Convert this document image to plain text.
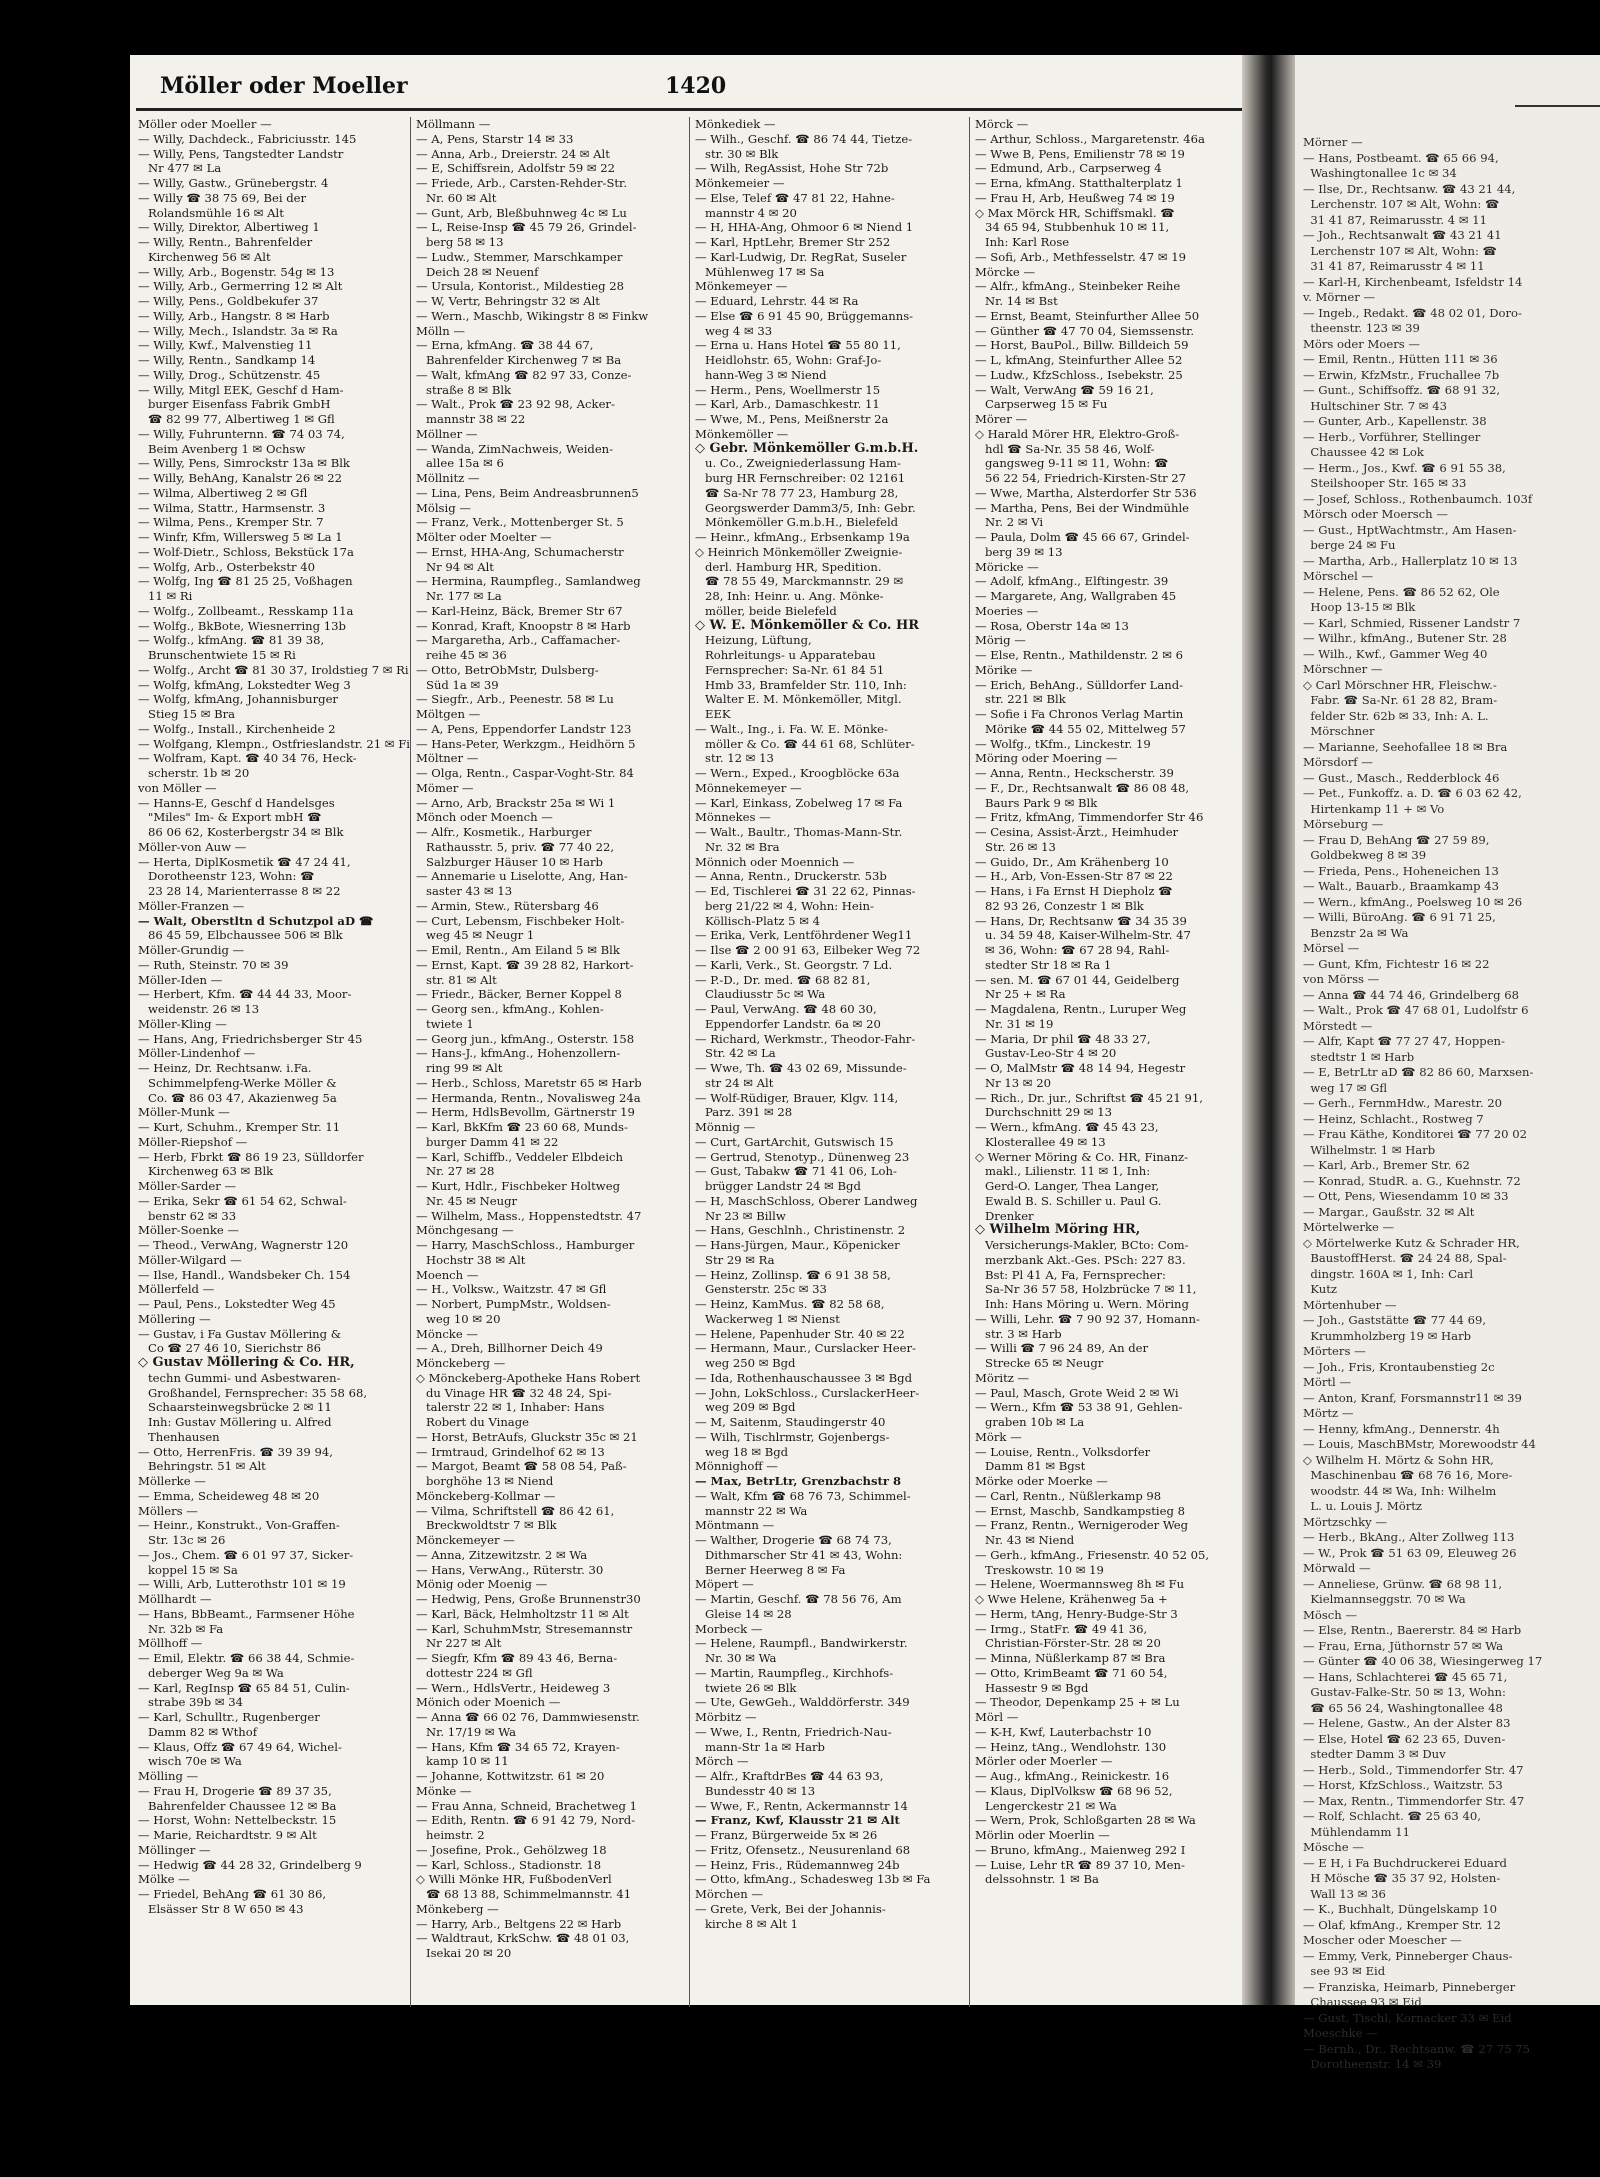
Möller oder Moeller	1420
Möller oder Moeller —
— Willy, Dachdeck., Fabriciusstr. 145
— Willy, Pens, Tangstedter Landstr
Nr 477 ✉ La
— Willy, Gastw., Grünebergstr. 4
— Willy ☎ 38 75 69, Bei der
Rolandsmühle 16 ✉ Alt
— Willy, Direktor, Albertiweg 1
— Willy, Rentn., Bahrenfelder
Kirchenweg 56 ✉ Alt
— Willy, Arb., Bogenstr. 54g ✉ 13
— Willy, Arb., Germerring 12 ✉ Alt
— Willy, Pens., Goldbekufer 37
— Willy, Arb., Hangstr. 8 ✉ Harb
— Willy, Mech., Islandstr. 3a ✉ Ra
— Willy, Kwf., Malvenstieg 11
— Willy, Rentn., Sandkamp 14
— Willy, Drog., Schützenstr. 45
— Willy, Mitgl EEK, Geschf d Ham-
burger Eisenfass Fabrik GmbH
☎ 82 99 77, Albertiweg 1 ✉ Gfl
— Willy, Fuhrunternn. ☎ 74 03 74,
Beim Avenberg 1 ✉ Ochsw
— Willy, Pens, Simrockstr 13a ✉ Blk
— Willy, BehAng, Kanalstr 26 ✉ 22
— Wilma, Albertiweg 2 ✉ Gfl
— Wilma, Stattr., Harmsenstr. 3
— Wilma, Pens., Kremper Str. 7
— Winfr, Kfm, Willersweg 5 ✉ La 1
— Wolf-Dietr., Schloss, Bekstück 17a
— Wolfg, Arb., Osterbekstr 40
— Wolfg, Ing ☎ 81 25 25, Voßhagen
11 ✉ Ri
— Wolfg., Zollbeamt., Resskamp 11a
— Wolfg., BkBote, Wiesnerring 13b
— Wolfg., kfmAng. ☎ 81 39 38,
Brunschentwiete 15 ✉ Ri
— Wolfg., Archt ☎ 81 30 37, Iroldstieg 7 ✉ Ri
— Wolfg, kfmAng, Lokstedter Weg 3
— Wolfg, kfmAng, Johannisburger
Stieg 15 ✉ Bra
— Wolfg., Install., Kirchenheide 2
— Wolfgang, Klempn., Ostfrieslandstr. 21 ✉ Fi
— Wolfram, Kapt. ☎ 40 34 76, Heck-
scherstr. 1b ✉ 20
von Möller —
— Hanns-E, Geschf d Handelsges
"Miles" Im- & Export mbH ☎
86 06 62, Kosterbergstr 34 ✉ Blk
Möller-von Auw —
— Herta, DiplKosmetik ☎ 47 24 41,
Dorotheenstr 123, Wohn: ☎
23 28 14, Marienterrasse 8 ✉ 22
Möller-Franzen —
— Walt, Oberstltn d Schutzpol aD ☎
86 45 59, Elbchaussee 506 ✉ Blk
Möller-Grundig —
— Ruth, Steinstr. 70 ✉ 39
Möller-Iden —
— Herbert, Kfm. ☎ 44 44 33, Moor-
weidenstr. 26 ✉ 13
Möller-Kling —
— Hans, Ang, Friedrichsberger Str 45
Möller-Lindenhof —
— Heinz, Dr. Rechtsanw. i.Fa.
Schimmelpfeng-Werke Möller &
Co. ☎ 86 03 47, Akazienweg 5a
Möller-Munk —
— Kurt, Schuhm., Kremper Str. 11
Möller-Riepshof —
— Herb, Fbrkt ☎ 86 19 23, Sülldorfer
Kirchenweg 63 ✉ Blk
Möller-Sarder —
— Erika, Sekr ☎ 61 54 62, Schwal-
benstr 62 ✉ 33
Möller-Soenke —
— Theod., VerwAng, Wagnerstr 120
Möller-Wilgard —
— Ilse, Handl., Wandsbeker Ch. 154
Möllerfeld —
— Paul, Pens., Lokstedter Weg 45
Möllering —
— Gustav, i Fa Gustav Möllering &
Co ☎ 27 46 10, Sierichstr 86
◇ Gustav Möllering & Co. HR,
techn Gummi- und Asbestwaren-
Großhandel, Fernsprecher: 35 58 68,
Schaarsteinwegsbrücke 2 ✉ 11
Inh: Gustav Möllering u. Alfred
Thenhausen
— Otto, HerrenFris. ☎ 39 39 94,
Behringstr. 51 ✉ Alt
Möllerke —
— Emma, Scheideweg 48 ✉ 20
Möllers —
— Heinr., Konstrukt., Von-Graffen-
Str. 13c ✉ 26
— Jos., Chem. ☎ 6 01 97 37, Sicker-
koppel 15 ✉ Sa
— Willi, Arb, Lutterothstr 101 ✉ 19
Möllhardt —
— Hans, BbBeamt., Farmsener Höhe
Nr. 32b ✉ Fa
Möllhoff —
— Emil, Elektr. ☎ 66 38 44, Schmie-
deberger Weg 9a ✉ Wa
— Karl, RegInsp ☎ 65 84 51, Culin-
strabe 39b ✉ 34
— Karl, Schulltr., Rugenberger
Damm 82 ✉ Wthof
— Klaus, Offz ☎ 67 49 64, Wichel-
wisch 70e ✉ Wa
Mölling —
— Frau H, Drogerie ☎ 89 37 35,
Bahrenfelder Chaussee 12 ✉ Ba
— Horst, Wohn: Nettelbeckstr. 15
— Marie, Reichardtstr. 9 ✉ Alt
Möllinger —
— Hedwig ☎ 44 28 32, Grindelberg 9
Mölke —
— Friedel, BehAng ☎ 61 30 86,
Elsässer Str 8 W 650 ✉ 43
Möllmann —
— A, Pens, Starstr 14 ✉ 33
— Anna, Arb., Dreierstr. 24 ✉ Alt
— E, Schiffsrein, Adolfstr 59 ✉ 22
— Friede, Arb., Carsten-Rehder-Str.
Nr. 60 ✉ Alt
— Gunt, Arb, Bleßbuhnweg 4c ✉ Lu
— L, Reise-Insp ☎ 45 79 26, Grindel-
berg 58 ✉ 13
— Ludw., Stemmer, Marschkamper
Deich 28 ✉ Neuenf
— Ursula, Kontorist., Mildestieg 28
— W, Vertr, Behringstr 32 ✉ Alt
— Wern., Maschb, Wikingstr 8 ✉ Finkw
Mölln —
— Erna, kfmAng. ☎ 38 44 67,
Bahrenfelder Kirchenweg 7 ✉ Ba
— Walt, kfmAng ☎ 82 97 33, Conze-
straße 8 ✉ Blk
— Walt., Prok ☎ 23 92 98, Acker-
mannstr 38 ✉ 22
Möllner —
— Wanda, ZimNachweis, Weiden-
allee 15a ✉ 6
Möllnitz —
— Lina, Pens, Beim Andreasbrunnen5
Mölsig —
— Franz, Verk., Mottenberger St. 5
Mölter oder Moelter —
— Ernst, HHA-Ang, Schumacherstr
Nr 94 ✉ Alt
— Hermina, Raumpfleg., Samlandweg
Nr. 177 ✉ La
— Karl-Heinz, Bäck, Bremer Str 67
— Konrad, Kraft, Knoopstr 8 ✉ Harb
— Margaretha, Arb., Caffamacher-
reihe 45 ✉ 36
— Otto, BetrObMstr, Dulsberg-
Süd 1a ✉ 39
— Siegfr., Arb., Peenestr. 58 ✉ Lu
Möltgen —
— A, Pens, Eppendorfer Landstr 123
— Hans-Peter, Werkzgm., Heidhörn 5
Möltner —
— Olga, Rentn., Caspar-Voght-Str. 84
Mömer —
— Arno, Arb, Brackstr 25a ✉ Wi 1
Mönch oder Moench —
— Alfr., Kosmetik., Harburger
Rathausstr. 5, priv. ☎ 77 40 22,
Salzburger Häuser 10 ✉ Harb
— Annemarie u Liselotte, Ang, Han-
saster 43 ✉ 13
— Armin, Stew., Rütersbarg 46
— Curt, Lebensm, Fischbeker Holt-
weg 45 ✉ Neugr 1
— Emil, Rentn., Am Eiland 5 ✉ Blk
— Ernst, Kapt. ☎ 39 28 82, Harkort-
str. 81 ✉ Alt
— Friedr., Bäcker, Berner Koppel 8
— Georg sen., kfmAng., Kohlen-
twiete 1
— Georg jun., kfmAng., Osterstr. 158
— Hans-J., kfmAng., Hohenzollern-
ring 99 ✉ Alt
— Herb., Schloss, Maretstr 65 ✉ Harb
— Hermanda, Rentn., Novalisweg 24a
— Herm, HdlsBevollm, Gärtnerstr 19
— Karl, BkKfm ☎ 23 60 68, Munds-
burger Damm 41 ✉ 22
— Karl, Schiffb., Veddeler Elbdeich
Nr. 27 ✉ 28
— Kurt, Hdlr., Fischbeker Holtweg
Nr. 45 ✉ Neugr
— Wilhelm, Mass., Hoppenstedtstr. 47
Mönchgesang —
— Harry, MaschSchloss., Hamburger
Hochstr 38 ✉ Alt
Moench —
— H., Volksw., Waitzstr. 47 ✉ Gfl
— Norbert, PumpMstr., Woldsen-
weg 10 ✉ 20
Möncke —
— A., Dreh, Billhorner Deich 49
Mönckeberg —
◇ Mönckeberg-Apotheke Hans Robert
du Vinage HR ☎ 32 48 24, Spi-
talerstr 22 ✉ 1, Inhaber: Hans
Robert du Vinage
— Horst, BetrAufs, Gluckstr 35c ✉ 21
— Irmtraud, Grindelhof 62 ✉ 13
— Margot, Beamt ☎ 58 08 54, Paß-
borghöhe 13 ✉ Niend
Mönckeberg-Kollmar —
— Vilma, Schriftstell ☎ 86 42 61,
Breckwoldtstr 7 ✉ Blk
Mönckemeyer —
— Anna, Zitzewitzstr. 2 ✉ Wa
— Hans, VerwAng., Rüterstr. 30
Mönig oder Moenig —
— Hedwig, Pens, Große Brunnenstr30
— Karl, Bäck, Helmholtzstr 11 ✉ Alt
— Karl, SchuhmMstr, Stresemannstr
Nr 227 ✉ Alt
— Siegfr, Kfm ☎ 89 43 46, Berna-
dottestr 224 ✉ Gfl
— Wern., HdlsVertr., Heideweg 3
Mönich oder Moenich —
— Anna ☎ 66 02 76, Dammwiesenstr.
Nr. 17/19 ✉ Wa
— Hans, Kfm ☎ 34 65 72, Krayen-
kamp 10 ✉ 11
— Johanne, Kottwitzstr. 61 ✉ 20
Mönke —
— Frau Anna, Schneid, Brachetweg 1
— Edith, Rentn. ☎ 6 91 42 79, Nord-
heimstr. 2
— Josefine, Prok., Gehölzweg 18
— Karl, Schloss., Stadionstr. 18
◇ Willi Mönke HR, FußbodenVerl
☎ 68 13 88, Schimmelmannstr. 41
Mönkeberg —
— Harry, Arb., Beltgens 22 ✉ Harb
— Waldtraut, KrkSchw. ☎ 48 01 03,
Isekai 20 ✉ 20
Mönkediek —
— Wilh., Geschf. ☎ 86 74 44, Tietze-
str. 30 ✉ Blk
— Wilh, RegAssist, Hohe Str 72b
Mönkemeier —
— Else, Telef ☎ 47 81 22, Hahne-
mannstr 4 ✉ 20
— H, HHA-Ang, Ohmoor 6 ✉ Niend 1
— Karl, HptLehr, Bremer Str 252
— Karl-Ludwig, Dr. RegRat, Suseler
Mühlenweg 17 ✉ Sa
Mönkemeyer —
— Eduard, Lehrstr. 44 ✉ Ra
— Else ☎ 6 91 45 90, Brüggemanns-
weg 4 ✉ 33
— Erna u. Hans Hotel ☎ 55 80 11,
Heidlohstr. 65, Wohn: Graf-Jo-
hann-Weg 3 ✉ Niend
— Herm., Pens, Woellmerstr 15
— Karl, Arb., Damaschkestr. 11
— Wwe, M., Pens, Meißnerstr 2a
Mönkemöller —
◇ Gebr. Mönkemöller G.m.b.H.
u. Co., Zweigniederlassung Ham-
burg HR Fernschreiber: 02 12161
☎ Sa-Nr 78 77 23, Hamburg 28,
Georgswerder Damm3/5, Inh: Gebr.
Mönkemöller G.m.b.H., Bielefeld
— Heinr., kfmAng., Erbsenkamp 19a
◇ Heinrich Mönkemöller Zweignie-
derl. Hamburg HR, Spedition.
☎ 78 55 49, Marckmannstr. 29 ✉
28, Inh: Heinr. u. Ang. Mönke-
möller, beide Bielefeld
◇ W. E. Mönkemöller & Co. HR
Heizung, Lüftung,
Rohrleitungs- u Apparatebau
Fernsprecher: Sa-Nr. 61 84 51
Hmb 33, Bramfelder Str. 110, Inh:
Walter E. M. Mönkemöller, Mitgl.
EEK
— Walt., Ing., i. Fa. W. E. Mönke-
möller & Co. ☎ 44 61 68, Schlüter-
str. 12 ✉ 13
— Wern., Exped., Kroogblöcke 63a
Mönnekemeyer —
— Karl, Einkass, Zobelweg 17 ✉ Fa
Mönnekes —
— Walt., Baultr., Thomas-Mann-Str.
Nr. 32 ✉ Bra
Mönnich oder Moennich —
— Anna, Rentn., Druckerstr. 53b
— Ed, Tischlerei ☎ 31 22 62, Pinnas-
berg 21/22 ✉ 4, Wohn: Hein-
Köllisch-Platz 5 ✉ 4
— Erika, Verk, Lentföhrdener Weg11
— Ilse ☎ 2 00 91 63, Eilbeker Weg 72
— Karli, Verk., St. Georgstr. 7 Ld.
— P.-D., Dr. med. ☎ 68 82 81,
Claudiusstr 5c ✉ Wa
— Paul, VerwAng. ☎ 48 60 30,
Eppendorfer Landstr. 6a ✉ 20
— Richard, Werkmstr., Theodor-Fahr-
Str. 42 ✉ La
— Wwe, Th. ☎ 43 02 69, Missunde-
str 24 ✉ Alt
— Wolf-Rüdiger, Brauer, Klgv. 114,
Parz. 391 ✉ 28
Mönnig —
— Curt, GartArchit, Gutswisch 15
— Gertrud, Stenotyp., Dünenweg 23
— Gust, Tabakw ☎ 71 41 06, Loh-
brügger Landstr 24 ✉ Bgd
— H, MaschSchloss, Oberer Landweg
Nr 23 ✉ Billw
— Hans, Geschlnh., Christinenstr. 2
— Hans-Jürgen, Maur., Köpenicker
Str 29 ✉ Ra
— Heinz, Zollinsp. ☎ 6 91 38 58,
Gensterstr. 25c ✉ 33
— Heinz, KamMus. ☎ 82 58 68,
Wackerweg 1 ✉ Nienst
— Helene, Papenhuder Str. 40 ✉ 22
— Hermann, Maur., Curslacker Heer-
weg 250 ✉ Bgd
— Ida, Rothenhauschaussee 3 ✉ Bgd
— John, LokSchloss., CurslackerHeer-
weg 209 ✉ Bgd
— M, Saitenm, Staudingerstr 40
— Wilh, Tischlrmstr, Gojenbergs-
weg 18 ✉ Bgd
Mönnighoff —
— Max, BetrLtr, Grenzbachstr 8
— Walt, Kfm ☎ 68 76 73, Schimmel-
mannstr 22 ✉ Wa
Möntmann —
— Walther, Drogerie ☎ 68 74 73,
Dithmarscher Str 41 ✉ 43, Wohn:
Berner Heerweg 8 ✉ Fa
Möpert —
— Martin, Geschf. ☎ 78 56 76, Am
Gleise 14 ✉ 28
Morbeck —
— Helene, Raumpfl., Bandwirkerstr.
Nr. 30 ✉ Wa
— Martin, Raumpfleg., Kirchhofs-
twiete 26 ✉ Blk
— Ute, GewGeh., Walddörferstr. 349
Mörbitz —
— Wwe, I., Rentn, Friedrich-Nau-
mann-Str 1a ✉ Harb
Mörch —
— Alfr., KraftdrBes ☎ 44 63 93,
Bundesstr 40 ✉ 13
— Wwe, F., Rentn, Ackermannstr 14
— Franz, Kwf, Klausstr 21 ✉ Alt
— Franz, Bürgerweide 5x ✉ 26
— Fritz, Ofensetz., Neusurenland 68
— Heinz, Fris., Rüdemannweg 24b
— Otto, kfmAng., Schadesweg 13b ✉ Fa
Mörchen —
— Grete, Verk, Bei der Johannis-
kirche 8 ✉ Alt 1
Mörck —
— Arthur, Schloss., Margaretenstr. 46a
— Wwe B, Pens, Emilienstr 78 ✉ 19
— Edmund, Arb., Carpserweg 4
— Erna, kfmAng. Statthalterplatz 1
— Frau H, Arb, Heußweg 74 ✉ 19
◇ Max Mörck HR, Schiffsmakl. ☎
34 65 94, Stubbenhuk 10 ✉ 11,
Inh: Karl Rose
— Sofi, Arb., Methfesselstr. 47 ✉ 19
Mörcke —
— Alfr., kfmAng., Steinbeker Reihe
Nr. 14 ✉ Bst
— Ernst, Beamt, Steinfurther Allee 50
— Günther ☎ 47 70 04, Siemssenstr.
— Horst, BauPol., Billw. Billdeich 59
— L, kfmAng, Steinfurther Allee 52
— Ludw., KfzSchloss., Isebekstr. 25
— Walt, VerwAng ☎ 59 16 21,
Carpserweg 15 ✉ Fu
Mörer —
◇ Harald Mörer HR, Elektro-Groß-
hdl ☎ Sa-Nr. 35 58 46, Wolf-
gangsweg 9-11 ✉ 11, Wohn: ☎
56 22 54, Friedrich-Kirsten-Str 27
— Wwe, Martha, Alsterdorfer Str 536
— Martha, Pens, Bei der Windmühle
Nr. 2 ✉ Vi
— Paula, Dolm ☎ 45 66 67, Grindel-
berg 39 ✉ 13
Möricke —
— Adolf, kfmAng., Elftingestr. 39
— Margarete, Ang, Wallgraben 45
Moeries —
— Rosa, Oberstr 14a ✉ 13
Mörig —
— Else, Rentn., Mathildenstr. 2 ✉ 6
Mörike —
— Erich, BehAng., Sülldorfer Land-
str. 221 ✉ Blk
— Sofie i Fa Chronos Verlag Martin
Mörike ☎ 44 55 02, Mittelweg 57
— Wolfg., tKfm., Linckestr. 19
Möring oder Moering —
— Anna, Rentn., Heckscherstr. 39
— F., Dr., Rechtsanwalt ☎ 86 08 48,
Baurs Park 9 ✉ Blk
— Fritz, kfmAng, Timmendorfer Str 46
— Cesina, Assist-Ärzt., Heimhuder
Str. 26 ✉ 13
— Guido, Dr., Am Krähenberg 10
— H., Arb, Von-Essen-Str 87 ✉ 22
— Hans, i Fa Ernst H Diepholz ☎
82 93 26, Conzestr 1 ✉ Blk
— Hans, Dr, Rechtsanw ☎ 34 35 39
u. 34 59 48, Kaiser-Wilhelm-Str. 47
✉ 36, Wohn: ☎ 67 28 94, Rahl-
stedter Str 18 ✉ Ra 1
— sen. M. ☎ 67 01 44, Geidelberg
Nr 25 + ✉ Ra
— Magdalena, Rentn., Luruper Weg
Nr. 31 ✉ 19
— Maria, Dr phil ☎ 48 33 27,
Gustav-Leo-Str 4 ✉ 20
— O, MalMstr ☎ 48 14 94, Hegestr
Nr 13 ✉ 20
— Rich., Dr. jur., Schriftst ☎ 45 21 91,
Durchschnitt 29 ✉ 13
— Wern., kfmAng. ☎ 45 43 23,
Klosterallee 49 ✉ 13
◇ Werner Möring & Co. HR, Finanz-
makl., Lilienstr. 11 ✉ 1, Inh:
Gerd-O. Langer, Thea Langer,
Ewald B. S. Schiller u. Paul G.
Drenker
◇ Wilhelm Möring HR,
Versicherungs-Makler, BCto: Com-
merzbank Akt.-Ges. PSch: 227 83.
Bst: Pl 41 A, Fa, Fernsprecher:
Sa-Nr 36 57 58, Holzbrücke 7 ✉ 11,
Inh: Hans Möring u. Wern. Möring
— Willi, Lehr. ☎ 7 90 92 37, Homann-
str. 3 ✉ Harb
— Willi ☎ 7 96 24 89, An der
Strecke 65 ✉ Neugr
Möritz —
— Paul, Masch, Grote Weid 2 ✉ Wi
— Wern., Kfm ☎ 53 38 91, Gehlen-
graben 10b ✉ La
Mörk —
— Louise, Rentn., Volksdorfer
Damm 81 ✉ Bgst
Mörke oder Moerke —
— Carl, Rentn., Nüßlerkamp 98
— Ernst, Maschb, Sandkampstieg 8
— Franz, Rentn., Wernigeroder Weg
Nr. 43 ✉ Niend
— Gerh., kfmAng., Friesenstr. 40 52 05,
Treskowstr. 10 ✉ 19
— Helene, Woermannsweg 8h ✉ Fu
◇ Wwe Helene, Krähenweg 5a +
— Herm, tAng, Henry-Budge-Str 3
— Irmg., StatFr. ☎ 49 41 36,
Christian-Förster-Str. 28 ✉ 20
— Minna, Nüßlerkamp 87 ✉ Bra
— Otto, KrimBeamt ☎ 71 60 54,
Hassestr 9 ✉ Bgd
— Theodor, Depenkamp 25 + ✉ Lu
Mörl —
— K-H, Kwf, Lauterbachstr 10
— Heinz, tAng., Wendlohstr. 130
Mörler oder Moerler —
— Aug., kfmAng., Reinickestr. 16
— Klaus, DiplVolksw ☎ 68 96 52,
Lengerckestr 21 ✉ Wa
— Wern, Prok, Schloßgarten 28 ✉ Wa
Mörlin oder Moerlin —
— Bruno, kfmAng., Maienweg 292 I
— Luise, Lehr tR ☎ 89 37 10, Men-
delssohnstr. 1 ✉ Ba
Mörner —
— Hans, Postbeamt. ☎ 65 66 94,
Washingtonallee 1c ✉ 34
— Ilse, Dr., Rechtsanw. ☎ 43 21 44,
Lerchenstr. 107 ✉ Alt, Wohn: ☎
31 41 87, Reimarusstr. 4 ✉ 11
— Joh., Rechtsanwalt ☎ 43 21 41
Lerchenstr 107 ✉ Alt, Wohn: ☎
31 41 87, Reimarusstr 4 ✉ 11
— Karl-H, Kirchenbeamt, Isfeldstr 14
v. Mörner —
— Ingeb., Redakt. ☎ 48 02 01, Doro-
theenstr. 123 ✉ 39
Mörs oder Moers —
— Emil, Rentn., Hütten 111 ✉ 36
— Erwin, KfzMstr., Fruchallee 7b
— Gunt., Schiffsoffz. ☎ 68 91 32,
Hultschiner Str. 7 ✉ 43
— Gunter, Arb., Kapellenstr. 38
— Herb., Vorführer, Stellinger
Chaussee 42 ✉ Lok
— Herm., Jos., Kwf. ☎ 6 91 55 38,
Steilshooper Str. 165 ✉ 33
— Josef, Schloss., Rothenbaumch. 103f
Mörsch oder Moersch —
— Gust., HptWachtmstr., Am Hasen-
berge 24 ✉ Fu
— Martha, Arb., Hallerplatz 10 ✉ 13
Mörschel —
— Helene, Pens. ☎ 86 52 62, Ole
Hoop 13-15 ✉ Blk
— Karl, Schmied, Rissener Landstr 7
— Wilhr., kfmAng., Butener Str. 28
— Wilh., Kwf., Gammer Weg 40
Mörschner —
◇ Carl Mörschner HR, Fleischw.-
Fabr. ☎ Sa-Nr. 61 28 82, Bram-
felder Str. 62b ✉ 33, Inh: A. L.
Mörschner
— Marianne, Seehofallee 18 ✉ Bra
Mörsdorf —
— Gust., Masch., Redderblock 46
— Pet., Funkoffz. a. D. ☎ 6 03 62 42,
Hirtenkamp 11 + ✉ Vo
Mörseburg —
— Frau D, BehAng ☎ 27 59 89,
Goldbekweg 8 ✉ 39
— Frieda, Pens., Hoheneichen 13
— Walt., Bauarb., Braamkamp 43
— Wern., kfmAng., Poelsweg 10 ✉ 26
— Willi, BüroAng. ☎ 6 91 71 25,
Benzstr 2a ✉ Wa
Mörsel —
— Gunt, Kfm, Fichtestr 16 ✉ 22
von Mörss —
— Anna ☎ 44 74 46, Grindelberg 68
— Walt., Prok ☎ 47 68 01, Ludolfstr 6
Mörstedt —
— Alfr, Kapt ☎ 77 27 47, Hoppen-
stedtstr 1 ✉ Harb
— E, BetrLtr aD ☎ 82 86 60, Marxsen-
weg 17 ✉ Gfl
— Gerh., FernmHdw., Marestr. 20
— Heinz, Schlacht., Rostweg 7
— Frau Käthe, Konditorei ☎ 77 20 02
Wilhelmstr. 1 ✉ Harb
— Karl, Arb., Bremer Str. 62
— Konrad, StudR. a. G., Kuehnstr. 72
— Ott, Pens, Wiesendamm 10 ✉ 33
— Margar., Gaußstr. 32 ✉ Alt
Mörtelwerke —
◇ Mörtelwerke Kutz & Schrader HR,
BaustoffHerst. ☎ 24 24 88, Spal-
dingstr. 160A ✉ 1, Inh: Carl
Kutz
Mörtenhuber —
— Joh., Gaststätte ☎ 77 44 69,
Krummholzberg 19 ✉ Harb
Mörters —
— Joh., Fris, Krontaubenstieg 2c
Mörtl —
— Anton, Kranf, Forsmannstr11 ✉ 39
Mörtz —
— Henny, kfmAng., Dennerstr. 4h
— Louis, MaschBMstr, Morewoodstr 44
◇ Wilhelm H. Mörtz & Sohn HR,
Maschinenbau ☎ 68 76 16, More-
woodstr. 44 ✉ Wa, Inh: Wilhelm
L. u. Louis J. Mörtz
Mörtzschky —
— Herb., BkAng., Alter Zollweg 113
— W., Prok ☎ 51 63 09, Eleuweg 26
Mörwald —
— Anneliese, Grünw. ☎ 68 98 11,
Kielmannseggstr. 70 ✉ Wa
Mösch —
— Else, Rentn., Baererstr. 84 ✉ Harb
— Frau, Erna, Jüthornstr 57 ✉ Wa
— Günter ☎ 40 06 38, Wiesingerweg 17
— Hans, Schlachterei ☎ 45 65 71,
Gustav-Falke-Str. 50 ✉ 13, Wohn:
☎ 65 56 24, Washingtonallee 48
— Helene, Gastw., An der Alster 83
— Else, Hotel ☎ 62 23 65, Duven-
stedter Damm 3 ✉ Duv
— Herb., Sold., Timmendorfer Str. 47
— Horst, KfzSchloss., Waitzstr. 53
— Max, Rentn., Timmendorfer Str. 47
— Rolf, Schlacht. ☎ 25 63 40,
Mühlendamm 11
Mösche —
— E H, i Fa Buchdruckerei Eduard
H Mösche ☎ 35 37 92, Holsten-
Wall 13 ✉ 36
— K., Buchhalt, Düngelskamp 10
— Olaf, kfmAng., Kremper Str. 12
Moscher oder Moescher —
— Emmy, Verk, Pinneberger Chaus-
see 93 ✉ Eid
— Franziska, Heimarb, Pinneberger
Chaussee 93 ✉ Eid
— Gust, Tischl, Kornacker 33 ✉ Eid
Moeschke —
— Bernh., Dr., Rechtsanw. ☎ 27 75 75
Dorotheenstr. 14 ✉ 39
